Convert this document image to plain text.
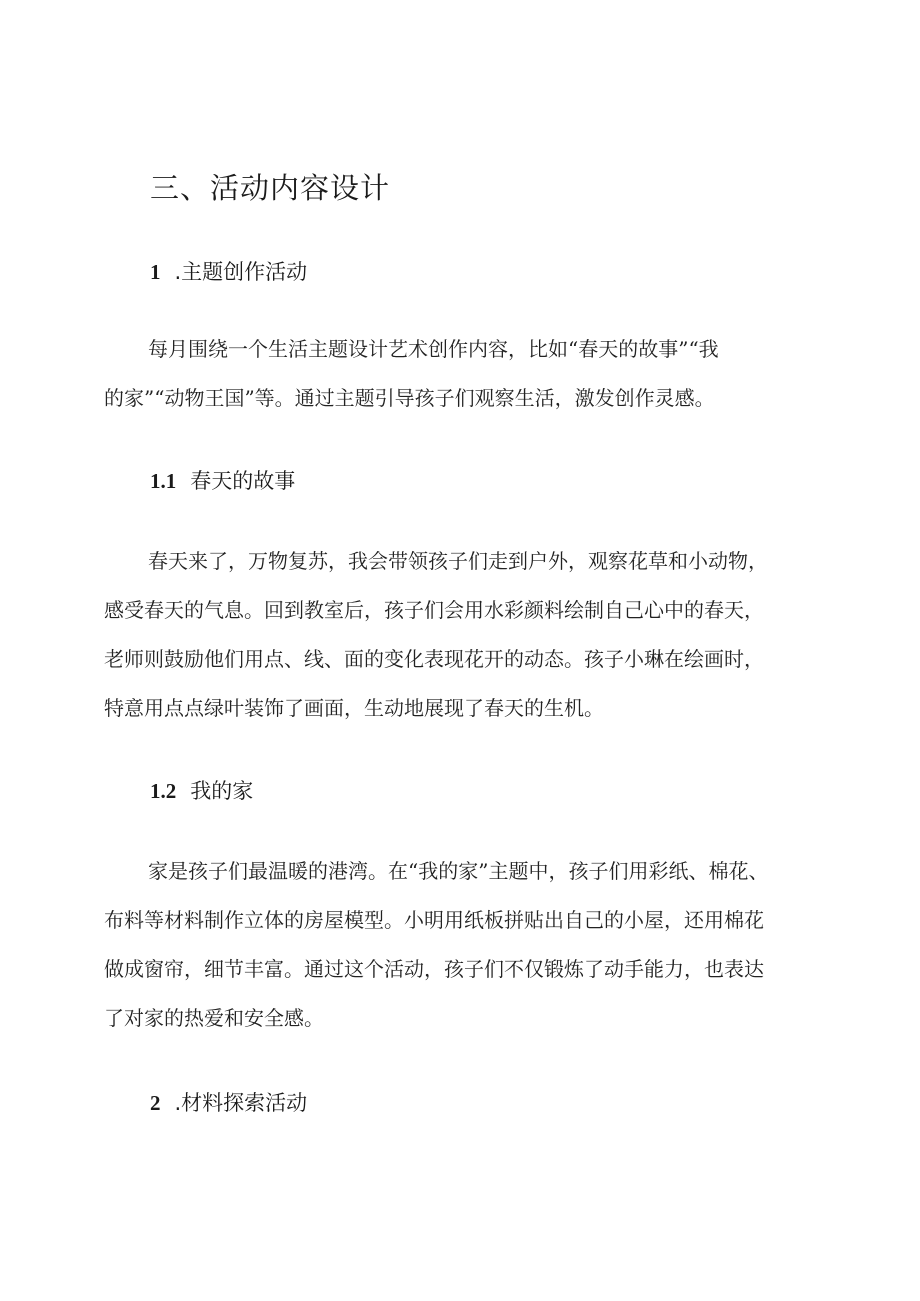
三、活动内容设计
1 .主题创作活动

每月围绕一个生活主题设计艺术创作内容，比如“春天的故事”“我
的家”“动物王国”等。通过主题引导孩子们观察生活，激发创作灵感。

1.1 春天的故事

春天来了，万物复苏，我会带领孩子们走到户外，观察花草和小动物，
感受春天的气息。回到教室后，孩子们会用水彩颜料绘制自己心中的春天，
老师则鼓励他们用点、线、面的变化表现花开的动态。孩子小琳在绘画时，
特意用点点绿叶装饰了画面，生动地展现了春天的生机。

1.2 我的家

家是孩子们最温暖的港湾。在“我的家”主题中，孩子们用彩纸、棉花、
布料等材料制作立体的房屋模型。小明用纸板拼贴出自己的小屋，还用棉花
做成窗帘，细节丰富。通过这个活动，孩子们不仅锻炼了动手能力，也表达
了对家的热爱和安全感。

2 .材料探索活动
